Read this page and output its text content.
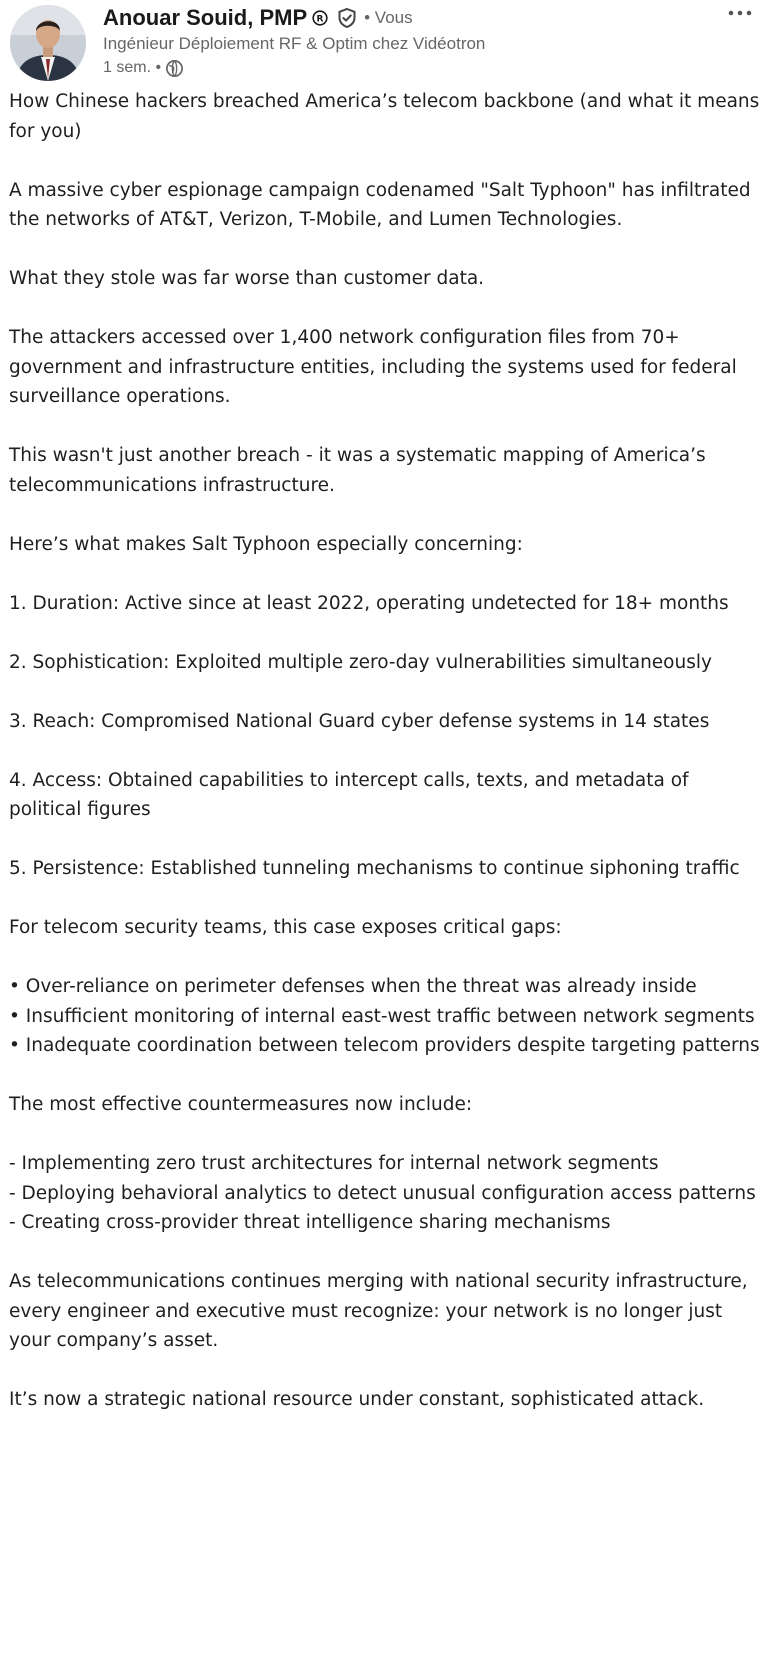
Anouar Souid, PMP R • Vous
Ingénieur Déploiement RF & Optim chez Vidéotron
1 sem. •
How Chinese hackers breached America’s telecom backbone (and what it means for you)

A massive cyber espionage campaign codenamed "Salt Typhoon" has infiltrated the networks of AT&T, Verizon, T-Mobile, and Lumen Technologies.

What they stole was far worse than customer data.

The attackers accessed over 1,400 network configuration files from 70+ government and infrastructure entities, including the systems used for federal surveillance operations.

This wasn't just another breach - it was a systematic mapping of America’s telecommunications infrastructure.

Here’s what makes Salt Typhoon especially concerning:

1. Duration: Active since at least 2022, operating undetected for 18+ months

2. Sophistication: Exploited multiple zero-day vulnerabilities simultaneously

3. Reach: Compromised National Guard cyber defense systems in 14 states

4. Access: Obtained capabilities to intercept calls, texts, and metadata of political figures

5. Persistence: Established tunneling mechanisms to continue siphoning traffic

For telecom security teams, this case exposes critical gaps:

• Over-reliance on perimeter defenses when the threat was already inside
• Insufficient monitoring of internal east-west traffic between network segments
• Inadequate coordination between telecom providers despite targeting patterns

The most effective countermeasures now include:

- Implementing zero trust architectures for internal network segments
- Deploying behavioral analytics to detect unusual configuration access patterns
- Creating cross-provider threat intelligence sharing mechanisms

As telecommunications continues merging with national security infrastructure, every engineer and executive must recognize: your network is no longer just your company’s asset.

It’s now a strategic national resource under constant, sophisticated attack.
